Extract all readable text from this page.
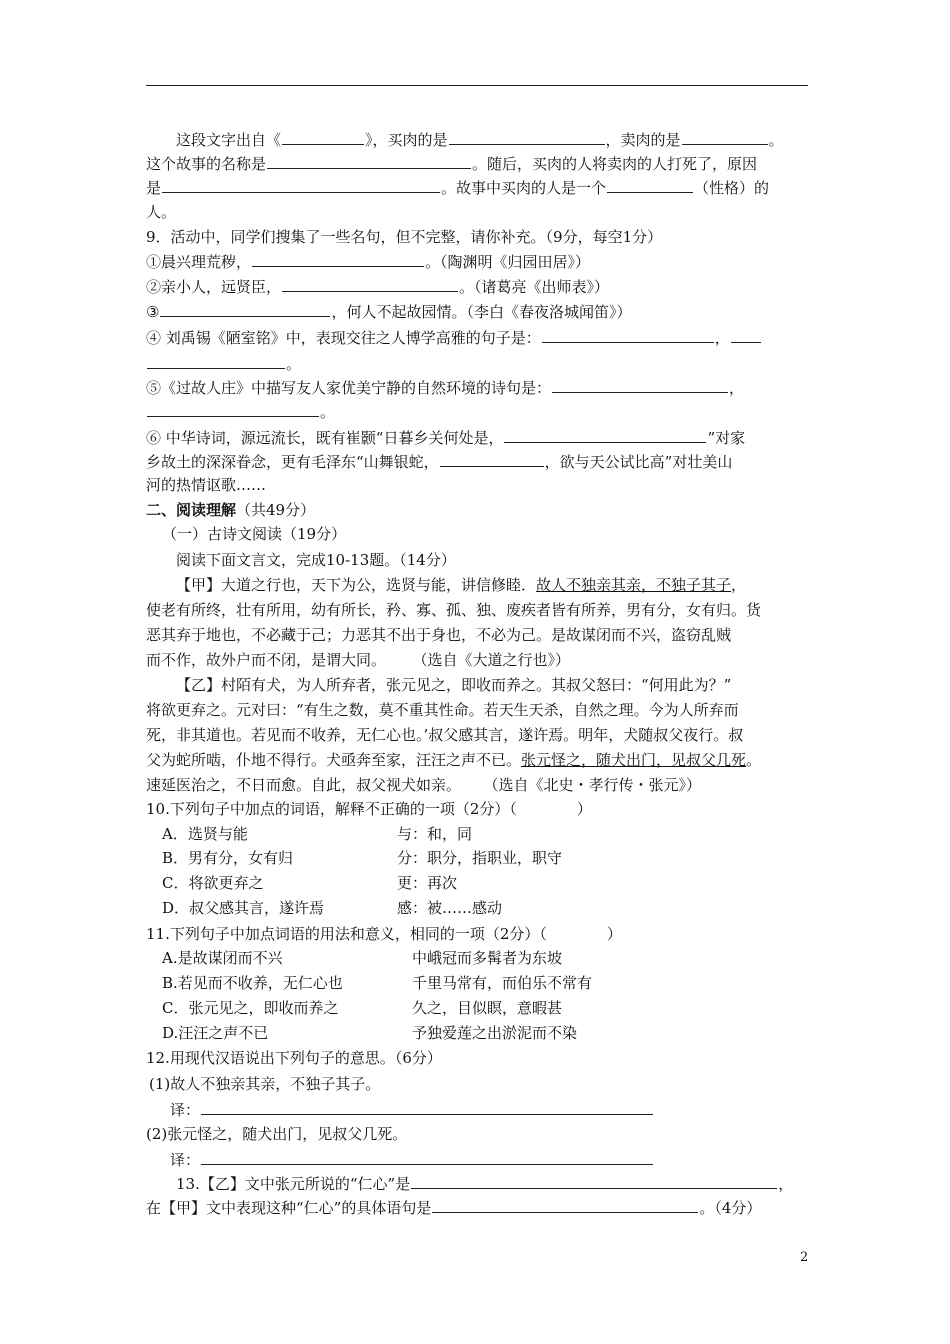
这段文字出自《	》，买肉的是	，卖肉的是	。
这个故事的名称是	。随后，买肉的人将卖肉的人打死了，原因
是	。故事中买肉的人是一个	（性格）的
人。
9．活动中，同学们搜集了一些名句，但不完整，请你补充。（9分，每空1分）
①晨兴理荒秽，	。（陶渊明《归园田居》）
②亲小人，远贤臣，	。（诸葛亮《出师表》）
③	，何人不起故园情。（李白《春夜洛城闻笛》）
④ 刘禹锡《陋室铭》中，表现交往之人博学高雅的句子是：	，
。
⑤《过故人庄》中描写友人家优美宁静的自然环境的诗句是：	，
。
⑥ 中华诗词，源远流长，既有崔颢“日暮乡关何处是，	”对家
乡故土的深深眷念，更有毛泽东“山舞银蛇，	，欲与天公试比高”对壮美山
河的热情讴歌……
二、阅读理解（共49分）
（一）古诗文阅读（19分）
阅读下面文言文，完成10-13题。（14分）
【甲】大道之行也，天下为公，选贤与能，讲信修睦．故人不独亲其亲，不独子其子，
使老有所终，壮有所用，幼有所长，矜、寡、孤、独、废疾者皆有所养，男有分，女有归。货
恶其弃于地也，不必藏于己；力恶其不出于身也，不必为己。是故谋闭而不兴，盗窃乱贼
而不作，故外户而不闭，是谓大同。 （选自《大道之行也》）
【乙】村陌有犬，为人所弃者，张元见之，即收而养之。其叔父怒曰：“何用此为？”
将欲更弃之。元对曰：“有生之数，莫不重其性命。若天生天杀，自然之理。今为人所弃而
死，非其道也。若见而不收养，无仁心也。’叔父感其言，遂许焉。明年，犬随叔父夜行。叔
父为蛇所啮，仆地不得行。犬亟奔至家，汪汪之声不已。张元怪之，随犬出门，见叔父几死。
速延医治之，不日而愈。自此，叔父视犬如亲。 （选自《北史・孝行传・张元》）
10.下列句子中加点的词语，解释不正确的一项（2分）（　　　　）
A．选贤与能	与：和，同
B．男有分，女有归	分：职分，指职业，职守
C．将欲更弃之	更：再次
D．叔父感其言，遂许焉	感：被……感动
11.下列句子中加点词语的用法和意义，相同的一项（2分）（　　　　）
A.是故谋闭而不兴	中峨冠而多髯者为东坡
B.若见而不收养，无仁心也	千里马常有，而伯乐不常有
C．张元见之，即收而养之	久之，目似瞑，意暇甚
D.汪汪之声不已	予独爱莲之出淤泥而不染
12.用现代汉语说出下列句子的意思。（6分）
(1)故人不独亲其亲，不独子其子。
译：
(2)张元怪之，随犬出门，见叔父几死。
译：
13.【乙】文中张元所说的“仁心”是	，
在【甲】文中表现这种“仁心”的具体语句是	。（4分）
2
